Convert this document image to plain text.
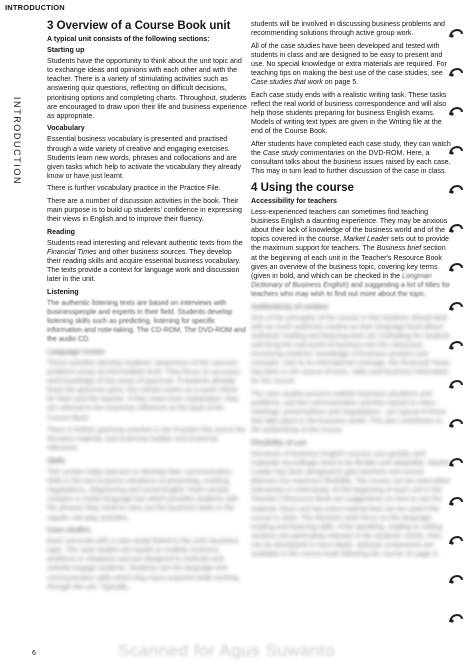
INTRODUCTION
INTRODUCTION
3 Overview of a Course Book unit
A typical unit consists of the following sections:
Starting up

Students have the opportunity to think about the unit topic and to exchange ideas and opinions with each other and with the teacher. There is a variety of stimulating activities such as answering quiz questions, reflecting on difficult decisions, prioritising options and completing charts. Throughout, students are encouraged to draw upon their life and business experience as appropriate.

Vocabulary

Essential business vocabulary is presented and practised through a wide variety of creative and engaging exercises. Students learn new words, phrases and collocations and are given tasks which help to activate the vocabulary they already know or have just learnt.

There is further vocabulary practice in the Practice File.

There are a number of discussion activities in the book. Their main purpose is to build up students' confidence in expressing their views in English and to improve their fluency.

Reading

Students read interesting and relevant authentic texts from the Financial Times and other business sources. They develop their reading skills and acquire essential business vocabulary. The texts provide a context for language work and discussion later in the unit.

Listening

The authentic listening texts are based on interviews with businesspeople and experts in their field. Students develop listening skills such as predicting, listening for specific information and note-taking. The CD-ROM, The DVD-ROM and the audio CD.

Language review

These activities develop students' awareness of the common problems areas at intermediate level. They focus on accuracy and knowledge of key areas of grammar. If students already know the grammar point, this section works as a quick check for them and the teacher. If they need more explanation, they are referred to the Grammar reference at the back of the Course Book.

There is further grammar practice in the Practice File and in the Revision material, and Grammar builder and Grammar reference.

Skills

This section helps learners to develop their communication skills in the key business situations of presenting, meeting, negotiations, telephoning and social English. Each section contains a Useful language box which provides students with the phrases they need to carry out the business tasks in the regular role-play activities.

Case studies

Each unit ends with a case study linked to the unit's business topic. The case studies are based on realistic business problems or situations and are designed to motivate and actively engage students. Students use the language and communication skills which they have acquired while working through the unit. Typically,

students will be involved in discussing business problems and recommending solutions through active group work.

All of the case studies have been developed and tested with students in class and are designed to be easy to present and use. No special knowledge or extra materials are required. For teaching tips on making the best use of the case studies, see Case studies that work on page 5.

Each case study ends with a realistic writing task. These tasks reflect the real world of business correspondence and will also help those students preparing for business English exams. Models of writing text types are given in the Writing file at the end of the Course Book.

After students have completed each case study, they can watch the Case study commentaries on the DVD-ROM. Here, a consultant talks about the business issues raised by each case. This may in turn lead to further discussion of the case in class.

4 Using the course
Accessibility for teachers

Less-experienced teachers can sometimes find teaching business English a daunting experience. They may be anxious about their lack of knowledge of the business world and of the topics covered in the course. Market Leader sets out to provide the maximum support for teachers. The Business brief section at the beginning of each unit in the Teacher's Resource Book gives an overview of the business topic, covering key terms (given in bold, and which can be checked in the Longman Dictionary of Business English) and suggesting a list of titles for teachers who may wish to find out more about the topic.

Authenticity of content

One of the principles of the course is that students should deal with as much authentic content as their language level allows. Authentic reading and listening texts are motivating for students and bring the real world of business into the classroom, increasing students' knowledge of business practice and concepts. Due to its international coverage, the Financial Times has been a rich source of texts, video and business information for the course.

The case studies present realistic business situations and problems, and the communication activities based on them - meetings, presentations and negotiations - are typical of those that take place in the business world. This also contributes to the authenticity of the course.

Flexibility of use

Demands of business English courses vary greatly, and materials accordingly need to be flexible and adaptable. Market Leader has been designed to give teachers and course planners the maximum flexibility. The course can be used either intensively or extensively. At the beginning of each unit in the Teacher's Resource Book are suggestions on how to use the material. Each unit has extra material that can be used if the course is short. The Revision units focus on the language, reading and listening skills. If the speaking, reading or writing sections are particularly relevant to the students' needs, they can be developed in more depth, optional components are available in the course book following the course on page 9.

6	Scanned for Agus Suwanto
